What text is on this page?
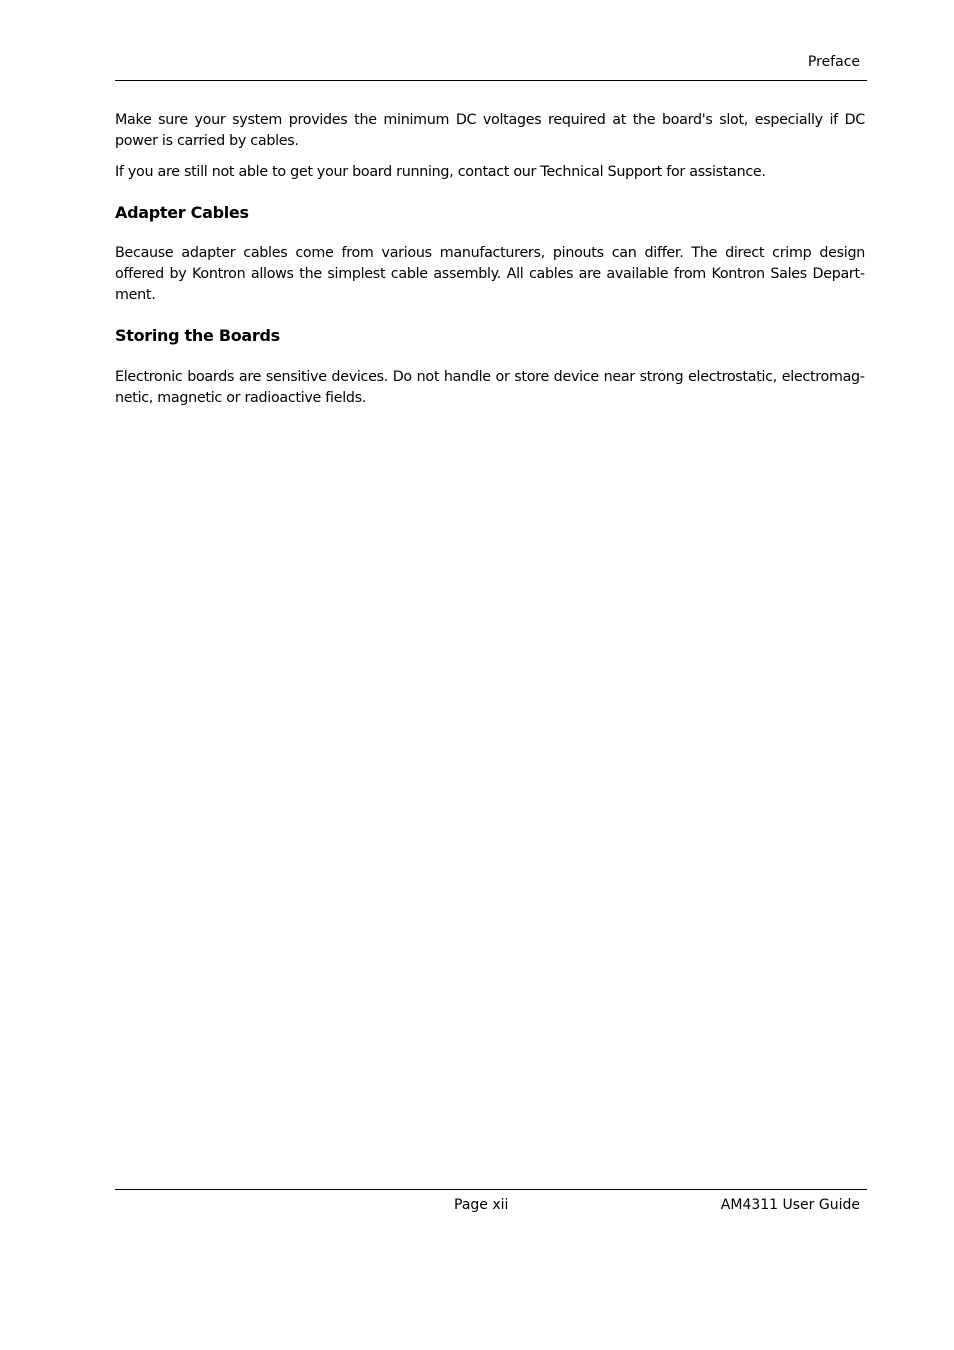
Preface

Make sure your system provides the minimum DC voltages required at the board's slot, especially if DC power is carried by cables.

If you are still not able to get your board running, contact our Technical Support for assistance.

Adapter Cables

Because adapter cables come from various manufacturers, pinouts can differ. The direct crimp design offered by Kontron allows the simplest cable assembly. All cables are available from Kontron Sales Department.

Storing the Boards

Electronic boards are sensitive devices. Do not handle or store device near strong electrostatic, electromagnetic, magnetic or radioactive fields.

Page xii	AM4311 User Guide
